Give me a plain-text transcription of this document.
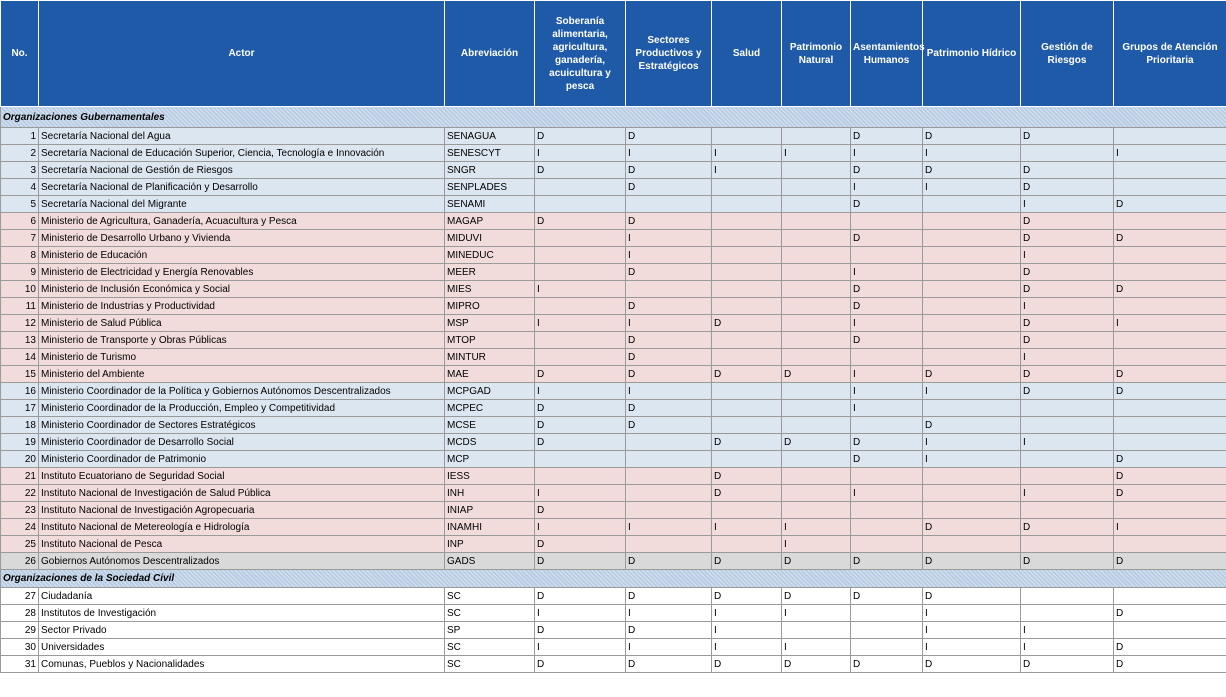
No.	Actor	Abreviación	Soberanía alimentaria, agricultura, ganadería, acuicultura y pesca	Sectores Productivos y Estratégicos	Salud	Patrimonio Natural	Asentamientos Humanos	Patrimonio Hídrico	Gestión de Riesgos	Grupos de Atención Prioritaria
Organizaciones Gubernamentales										
1	Secretaría Nacional del Agua	SENAGUA	D	D			D	D	D	
2	Secretaría Nacional de Educación Superior, Ciencia, Tecnología e Innovación	SENESCYT	I	I	I	I	I	I		I
3	Secretaría Nacional de Gestión de Riesgos	SNGR	D	D	I		D	D	D	
4	Secretaría Nacional de Planificación y Desarrollo	SENPLADES		D			I	I	D	
5	Secretaría Nacional del Migrante	SENAMI					D		I	D
6	Ministerio de Agricultura, Ganadería, Acuacultura y Pesca	MAGAP	D	D					D	
7	Ministerio de Desarrollo Urbano y Vivienda	MIDUVI		I			D		D	D
8	Ministerio de Educación	MINEDUC		I					I	
9	Ministerio de Electricidad y Energía Renovables	MEER		D			I		D	
10	Ministerio de Inclusión Económica y Social	MIES	I				D		D	D
11	Ministerio de Industrias y Productividad	MIPRO		D			D		I	
12	Ministerio de Salud Pública	MSP	I	I	D		I		D	I
13	Ministerio de Transporte y Obras Públicas	MTOP		D			D		D	
14	Ministerio de Turismo	MINTUR		D					I	
15	Ministerio del Ambiente	MAE	D	D	D	D	I	D	D	D
16	Ministerio Coordinador de la Política y Gobiernos Autónomos Descentralizados	MCPGAD	I	I			I	I	D	D
17	Ministerio Coordinador de la Producción, Empleo y Competitividad	MCPEC	D	D			I			
18	Ministerio Coordinador de Sectores Estratégicos	MCSE	D	D				D		
19	Ministerio Coordinador de Desarrollo Social	MCDS	D		D	D	D	I	I	
20	Ministerio Coordinador de Patrimonio	MCP					D	I		D
21	Instituto Ecuatoriano de Seguridad Social	IESS			D					D
22	Instituto Nacional de Investigación de Salud Pública	INH	I		D		I		I	D
23	Instituto Nacional de Investigación Agropecuaria	INIAP	D							
24	Instituto Nacional de Metereología e Hidrología	INAMHI	I	I	I	I		D	D	I
25	Instituto Nacional de Pesca	INP	D			I				
26	Gobiernos Autónomos Descentralizados	GADS	D	D	D	D	D	D	D	D
Organizaciones de la Sociedad Civil										
27	Ciudadanía	SC	D	D	D	D	D	D		
28	Institutos de Investigación	SC	I	I	I	I		I		D
29	Sector Privado	SP	D	D	I			I	I	
30	Universidades	SC	I	I	I	I		I	I	D
31	Comunas, Pueblos y Nacionalidades	SC	D	D	D	D	D	D	D	D
